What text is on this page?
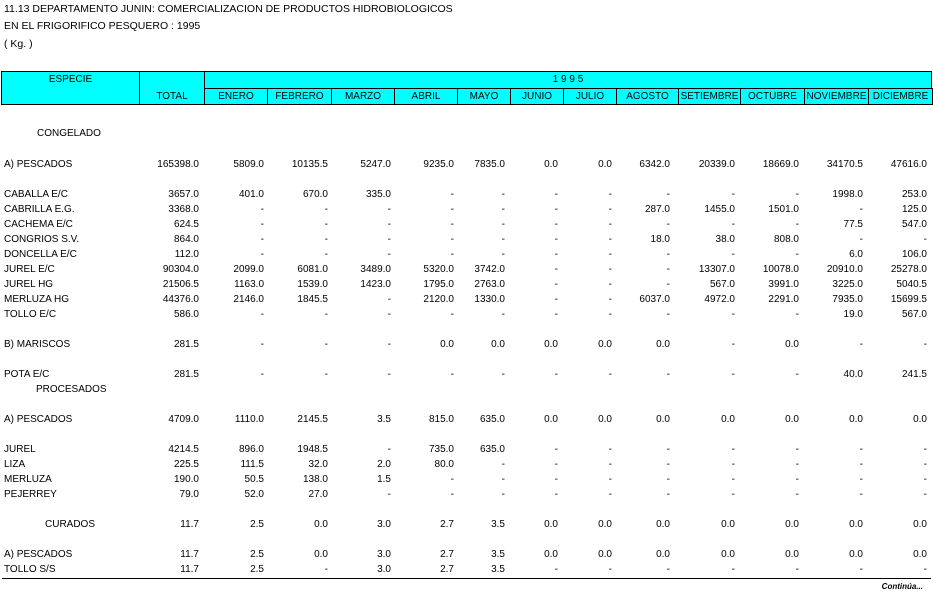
11.13 DEPARTAMENTO JUNIN: COMERCIALIZACION DE PRODUCTOS HIDROBIOLOGICOS
EN EL FRIGORIFICO PESQUERO : 1995
( Kg. )
ESPECIE
TOTAL
1 9 9 5
ENERO	FEBRERO	MARZO	ABRIL	MAYO	JUNIO	JULIO	AGOSTO	SETIEMBRE OCTUBRE NOVIEMBRE DICIEMBRE
CONGELADO
A) PESCADOS	165398.0	5809.0	10135.5	5247.0	9235.0	7835.0	0.0	0.0	6342.0	20339.0	18669.0	34170.5	47616.0
CABALLA E/C	3657.0	401.0	670.0	335.0	-	-	-	-	-	-	-	1998.0	253.0
CABRILLA E.G.	3368.0	-	-	-	-	-	-	-	287.0	1455.0	1501.0	-	125.0
CACHEMA E/C	624.5	-	-	-	-	-	-	-	-	-	-	77.5	547.0
CONGRIOS S.V.	864.0	-	-	-	-	-	-	-	18.0	38.0	808.0	-	-
DONCELLA E/C	112.0	-	-	-	-	-	-	-	-	-	-	6.0	106.0
JUREL E/C	90304.0	2099.0	6081.0	3489.0	5320.0	3742.0	-	-	-	13307.0	10078.0	20910.0	25278.0
JUREL HG	21506.5	1163.0	1539.0	1423.0	1795.0	2763.0	-	-	-	567.0	3991.0	3225.0	5040.5
MERLUZA HG	44376.0	2146.0	1845.5	-	2120.0	1330.0	-	-	6037.0	4972.0	2291.0	7935.0	15699.5
TOLLO E/C	586.0	-	-	-	-	-	-	-	-	-	-	19.0	567.0
B) MARISCOS	281.5	-	-	-	0.0	0.0	0.0	0.0	0.0	-	0.0	-	-
POTA E/C	281.5	-	-	-	-	-	-	-	-	-	-	40.0	241.5
PROCESADOS
A) PESCADOS	4709.0	1110.0	2145.5	3.5	815.0	635.0	0.0	0.0	0.0	0.0	0.0	0.0	0.0
JUREL	4214.5	896.0	1948.5	-	735.0	635.0	-	-	-	-	-	-	-
LIZA	225.5	111.5	32.0	2.0	80.0	-	-	-	-	-	-	-	-
MERLUZA	190.0	50.5	138.0	1.5	-	-	-	-	-	-	-	-	-
PEJERREY	79.0	52.0	27.0	-	-	-	-	-	-	-	-	-	-
CURADOS	11.7	2.5	0.0	3.0	2.7	3.5	0.0	0.0	0.0	0.0	0.0	0.0	0.0
A) PESCADOS	11.7	2.5	0.0	3.0	2.7	3.5	0.0	0.0	0.0	0.0	0.0	0.0	0.0
TOLLO S/S	11.7	2.5	-	3.0	2.7	3.5	-	-	-	-	-	-	-
Continúa...
